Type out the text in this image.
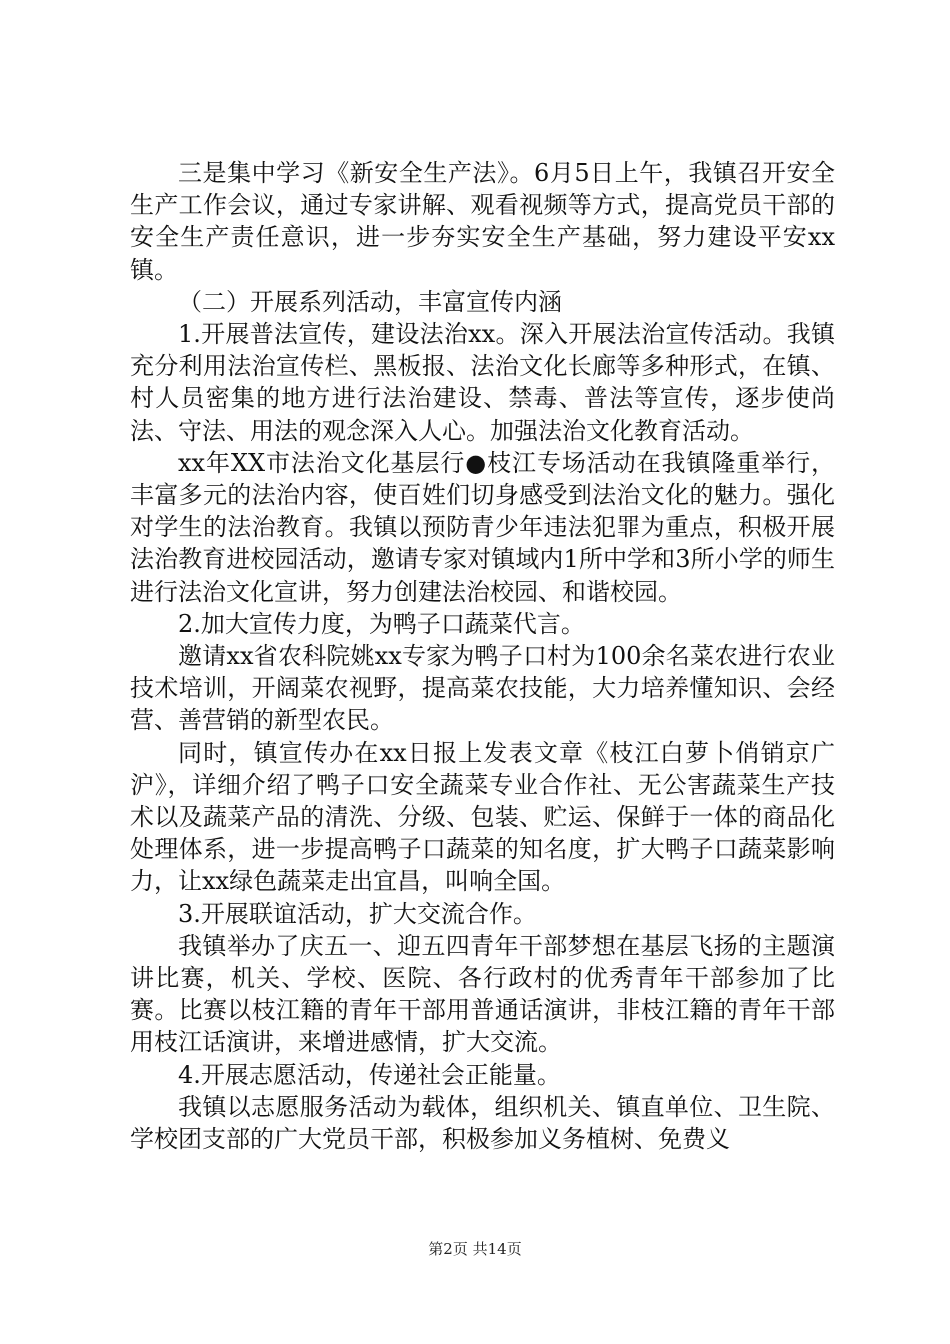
三是集中学习《新安全生产法》。6月5日上午，我镇召开安全生产工作会议，通过专家讲解、观看视频等方式，提高党员干部的安全生产责任意识，进一步夯实安全生产基础，努力建设平安xx镇。

（二）开展系列活动，丰富宣传内涵

1.开展普法宣传，建设法治xx。深入开展法治宣传活动。我镇充分利用法治宣传栏、黑板报、法治文化长廊等多种形式，在镇、村人员密集的地方进行法治建设、禁毒、普法等宣传，逐步使尚法、守法、用法的观念深入人心。加强法治文化教育活动。

xx年XX市法治文化基层行●枝江专场活动在我镇隆重举行，丰富多元的法治内容，使百姓们切身感受到法治文化的魅力。强化对学生的法治教育。我镇以预防青少年违法犯罪为重点，积极开展法治教育进校园活动，邀请专家对镇域内1所中学和3所小学的师生进行法治文化宣讲，努力创建法治校园、和谐校园。

2.加大宣传力度，为鸭子口蔬菜代言。

邀请xx省农科院姚xx专家为鸭子口村为100余名菜农进行农业技术培训，开阔菜农视野，提高菜农技能，大力培养懂知识、会经营、善营销的新型农民。

同时，镇宣传办在xx日报上发表文章《枝江白萝卜俏销京广沪》，详细介绍了鸭子口安全蔬菜专业合作社、无公害蔬菜生产技术以及蔬菜产品的清洗、分级、包装、贮运、保鲜于一体的商品化处理体系，进一步提高鸭子口蔬菜的知名度，扩大鸭子口蔬菜影响力，让xx绿色蔬菜走出宜昌，叫响全国。

3.开展联谊活动，扩大交流合作。

我镇举办了庆五一、迎五四青年干部梦想在基层飞扬的主题演讲比赛，机关、学校、医院、各行政村的优秀青年干部参加了比赛。比赛以枝江籍的青年干部用普通话演讲，非枝江籍的青年干部用枝江话演讲，来增进感情，扩大交流。

4.开展志愿活动，传递社会正能量。

我镇以志愿服务活动为载体，组织机关、镇直单位、卫生院、学校团支部的广大党员干部，积极参加义务植树、免费义

第2页 共14页
